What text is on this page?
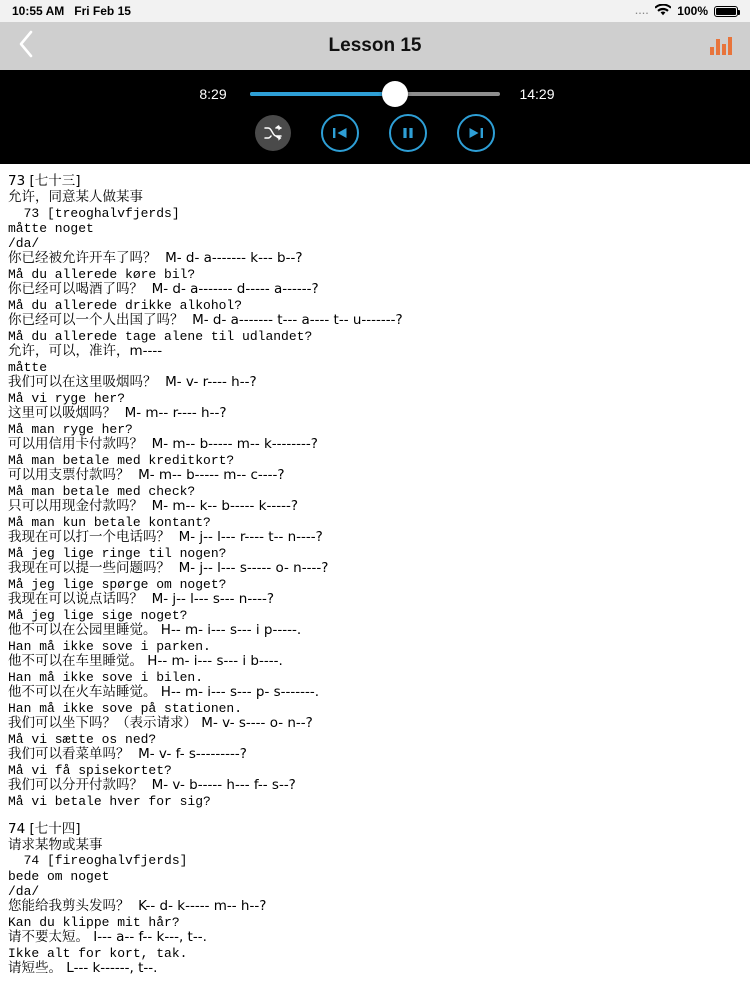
10:55 AM Fri Feb 15	.... 100%
Lesson 15
8:29	14:29
73 [七十三]
允许，同意某人做某事
73 [treoghalvfjerds]
måtte noget
/da/
你已经被允许开车了吗？  M- d- a------- k--- b--?
Må du allerede køre bil?
你已经可以喝酒了吗？  M- d- a------- d----- a------?
Må du allerede drikke alkohol?
你已经可以一个人出国了吗？  M- d- a------- t--- a---- t-- u-------?
Må du allerede tage alene til udlandet?
允许，可以，准许，m----
måtte
我们可以在这里吸烟吗？  M- v- r---- h--?
Må vi ryge her?
这里可以吸烟吗？  M- m-- r---- h--?
Må man ryge her?
可以用信用卡付款吗？  M- m-- b----- m-- k--------?
Må man betale med kreditkort?
可以用支票付款吗？  M- m-- b----- m-- c----?
Må man betale med check?
只可以用现金付款吗？  M- m-- k-- b----- k-----?
Må man kun betale kontant?
我现在可以打一个电话吗？  M- j-- l--- r---- t-- n----?
Må jeg lige ringe til nogen?
我现在可以提一些问题吗？  M- j-- l--- s----- o- n----?
Må jeg lige spørge om noget?
我现在可以说点话吗？  M- j-- l--- s--- n----?
Må jeg lige sige noget?
他不可以在公园里睡觉。 H-- m- i--- s--- i p-----.
Han må ikke sove i parken.
他不可以在车里睡觉。 H-- m- i--- s--- i b----.
Han må ikke sove i bilen.
他不可以在火车站睡觉。 H-- m- i--- s--- p- s-------.
Han må ikke sove på stationen.
我们可以坐下吗？（表示请求） M- v- s---- o- n--?
Må vi sætte os ned?
我们可以看菜单吗？  M- v- f- s---------?
Må vi få spisekortet?
我们可以分开付款吗？  M- v- b----- h--- f-- s--?
Må vi betale hver for sig?
74 [七十四]
请求某物或某事
74 [fireoghalvfjerds]
bede om noget
/da/
您能给我剪头发吗？  K-- d- k----- m-- h--?
Kan du klippe mit hår?
请不要太短。 I--- a-- f-- k---, t--.
Ikke alt for kort, tak.
请短些。 L--- k------, t--.
